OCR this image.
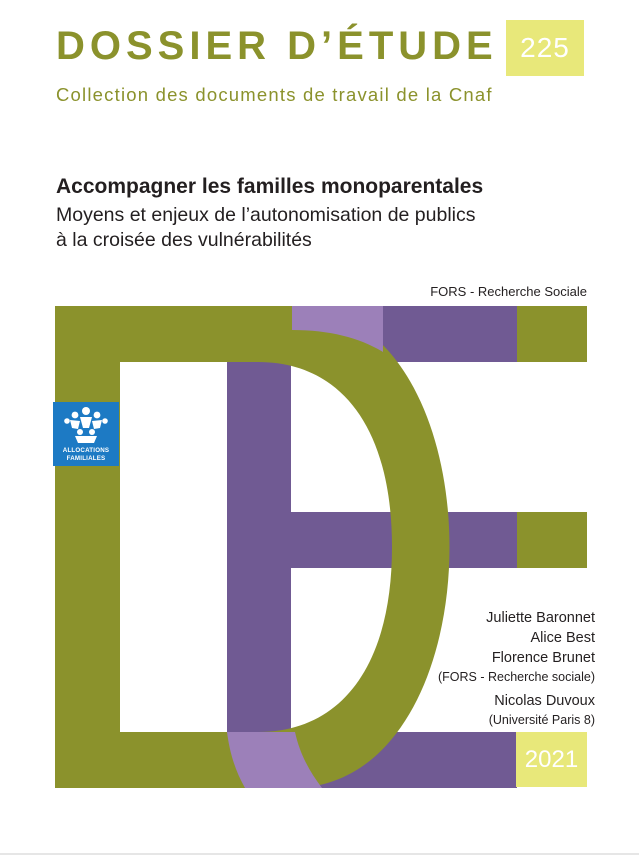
DOSSIER D’ÉTUDE 225
Collection des documents de travail de la Cnaf
Accompagner les familles monoparentales
Moyens et enjeux de l’autonomisation de publics
à la croisée des vulnérabilités
FORS - Recherche Sociale
ALLOCATIONS
FAMILIALES
Juliette Baronnet
Alice Best
Florence Brunet
(FORS - Recherche sociale)
Nicolas Duvoux
(Université Paris 8)
2021
